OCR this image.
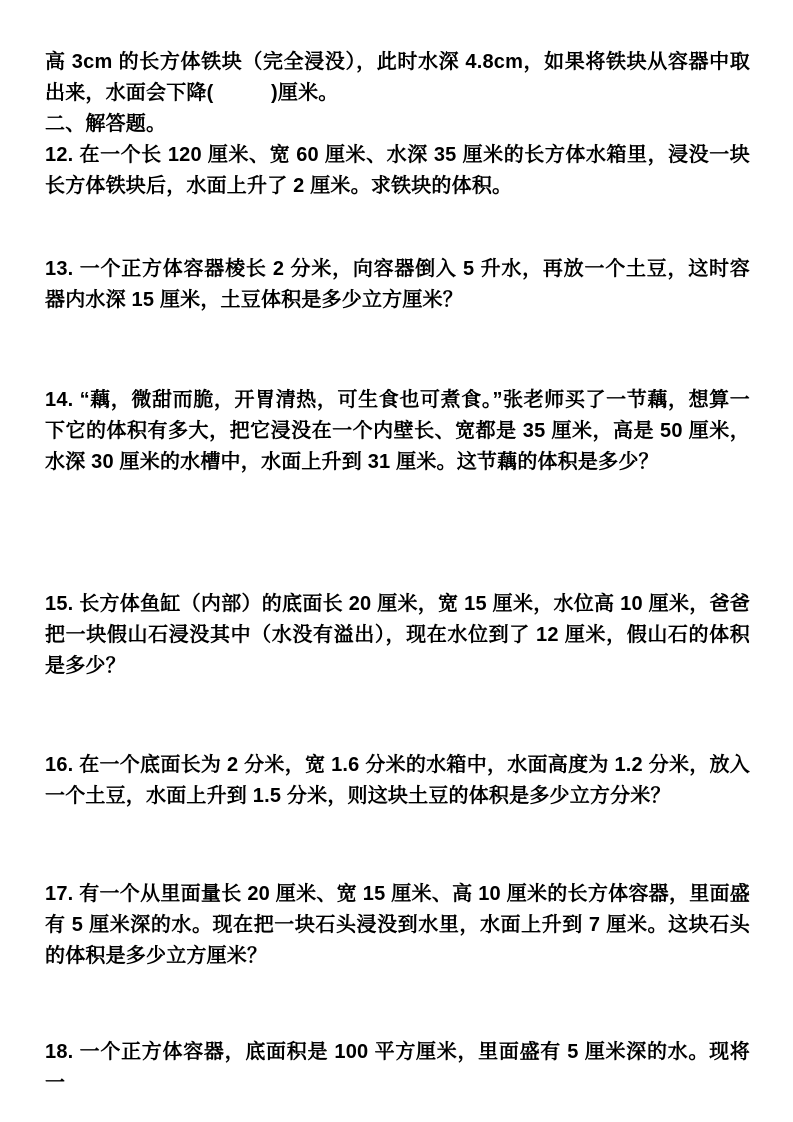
高 3cm 的长方体铁块（完全浸没），此时水深 4.8cm，如果将铁块从容器中取出来，水面会下降(          )厘米。

二、解答题。

12. 在一个长 120 厘米、宽 60 厘米、水深 35 厘米的长方体水箱里，浸没一块长方体铁块后，水面上升了 2 厘米。求铁块的体积。

13. 一个正方体容器棱长 2 分米，向容器倒入 5 升水，再放一个土豆，这时容器内水深 15 厘米，土豆体积是多少立方厘米？

14. “藕，微甜而脆，开胃清热，可生食也可煮食。”张老师买了一节藕，想算一下它的体积有多大，把它浸没在一个内壁长、宽都是 35 厘米，高是 50 厘米，水深 30 厘米的水槽中，水面上升到 31 厘米。这节藕的体积是多少？

15. 长方体鱼缸（内部）的底面长 20 厘米，宽 15 厘米，水位高 10 厘米，爸爸把一块假山石浸没其中（水没有溢出），现在水位到了 12 厘米，假山石的体积是多少？

16. 在一个底面长为 2 分米，宽 1.6 分米的水箱中，水面高度为 1.2 分米，放入一个土豆，水面上升到 1.5 分米，则这块土豆的体积是多少立方分米？

17. 有一个从里面量长 20 厘米、宽 15 厘米、高 10 厘米的长方体容器，里面盛有 5 厘米深的水。现在把一块石头浸没到水里，水面上升到 7 厘米。这块石头的体积是多少立方厘米？

18. 一个正方体容器，底面积是 100 平方厘米，里面盛有 5 厘米深的水。现将一
